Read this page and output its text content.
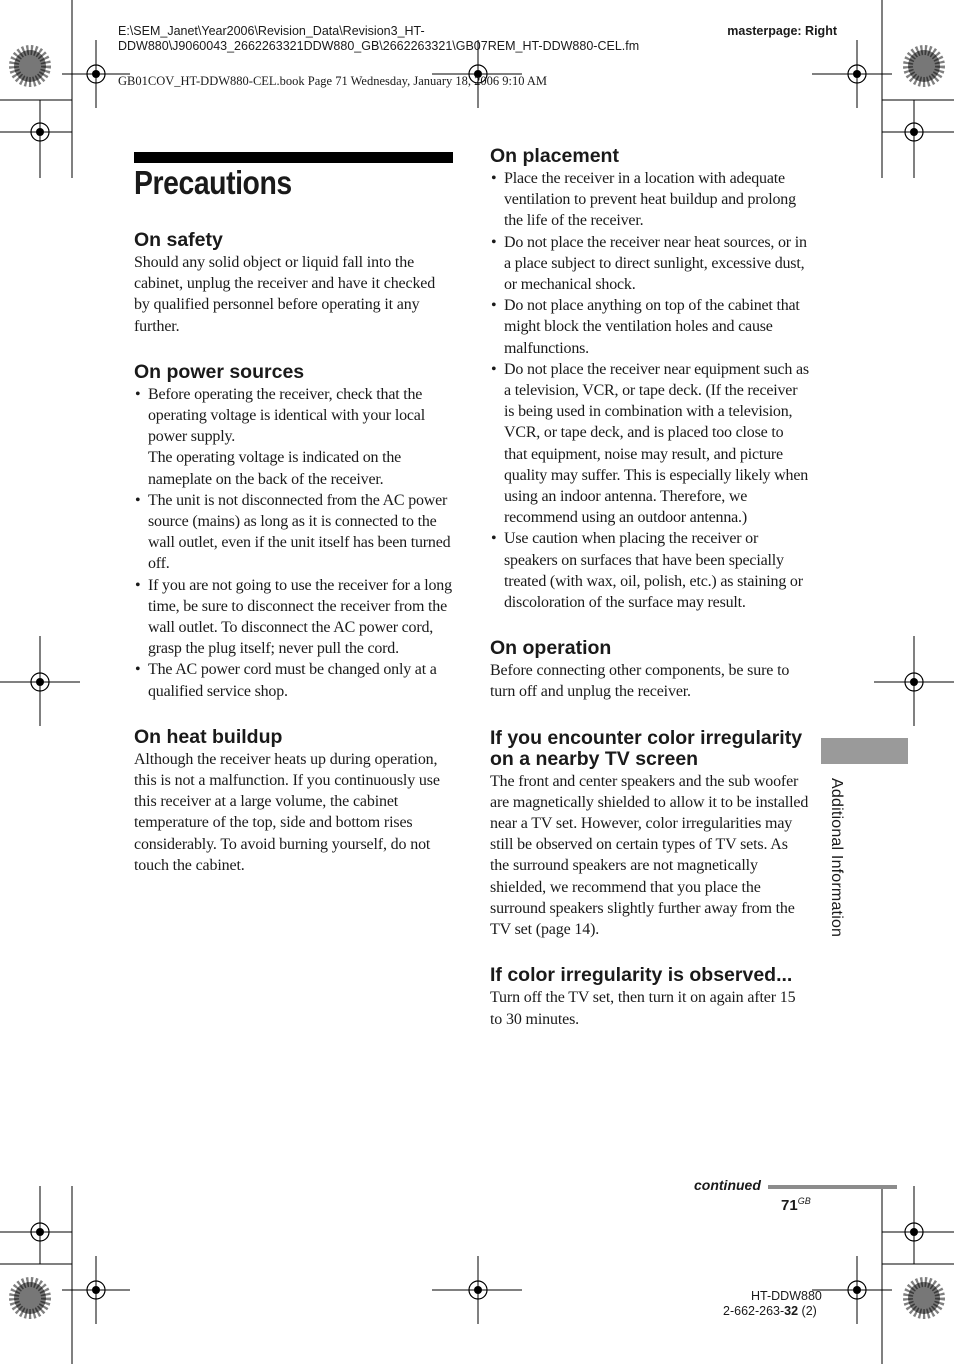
E:\SEM_Janet\Year2006\Revision_Data\Revision3_HT-
DDW880\J9060043_2662263321DDW880_GB\2662263321\GB07REM_HT-DDW880-CEL.fm
masterpage: Right
GB01COV_HT-DDW880-CEL.book Page 71 Wednesday, January 18, 2006 9:10 AM
Precautions
On safety

Should any solid object or liquid fall into the cabinet, unplug the receiver and have it checked by qualified personnel before operating it any further.

On power sources
• Before operating the receiver, check that the operating voltage is identical with your local power supply.
The operating voltage is indicated on the nameplate on the back of the receiver.
• The unit is not disconnected from the AC power source (mains) as long as it is connected to the wall outlet, even if the unit itself has been turned off.
• If you are not going to use the receiver for a long time, be sure to disconnect the receiver from the wall outlet. To disconnect the AC power cord, grasp the plug itself; never pull the cord.
• The AC power cord must be changed only at a qualified service shop.
On heat buildup

Although the receiver heats up during operation, this is not a malfunction. If you continuously use this receiver at a large volume, the cabinet temperature of the top, side and bottom rises considerably. To avoid burning yourself, do not touch the cabinet.

On placement
• Place the receiver in a location with adequate ventilation to prevent heat buildup and prolong the life of the receiver.
• Do not place the receiver near heat sources, or in a place subject to direct sunlight, excessive dust, or mechanical shock.
• Do not place anything on top of the cabinet that might block the ventilation holes and cause malfunctions.
• Do not place the receiver near equipment such as a television, VCR, or tape deck. (If the receiver is being used in combination with a television, VCR, or tape deck, and is placed too close to that equipment, noise may result, and picture quality may suffer. This is especially likely when using an indoor antenna. Therefore, we recommend using an outdoor antenna.)
• Use caution when placing the receiver or speakers on surfaces that have been specially treated (with wax, oil, polish, etc.) as staining or discoloration of the surface may result.
On operation

Before connecting other components, be sure to turn off and unplug the receiver.

If you encounter color irregularity on a nearby TV screen

The front and center speakers and the sub woofer are magnetically shielded to allow it to be installed near a TV set. However, color irregularities may still be observed on certain types of TV sets. As the surround speakers are not magnetically shielded, we recommend that you place the surround speakers slightly further away from the TV set (page 14).

If color irregularity is observed...

Turn off the TV set, then turn it on again after 15 to 30 minutes.

Additional Information
continued
$71^{GB}$
HT-DDW880
2-662-263-32 (2)
